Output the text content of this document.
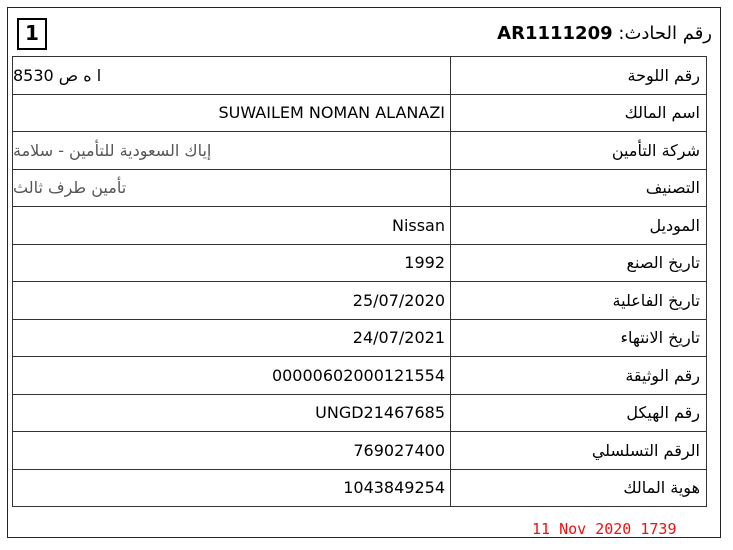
1	رقم الحادث: AR1111209
ا ه ص 8530	رقم اللوحة
SUWAILEM NOMAN ALANAZI	اسم المالك
إياك السعودية للتأمين - سلامة	شركة التأمين
تأمين طرف ثالث	التصنيف
Nissan	الموديل
1992	تاريخ الصنع
25/07/2020	تاريخ الفاعلية
24/07/2021	تاريخ الانتهاء
00000602000121554	رقم الوثيقة
UNGD21467685	رقم الهيكل
769027400	الرقم التسلسلي
1043849254	هوية المالك
11 Nov 2020 1739
